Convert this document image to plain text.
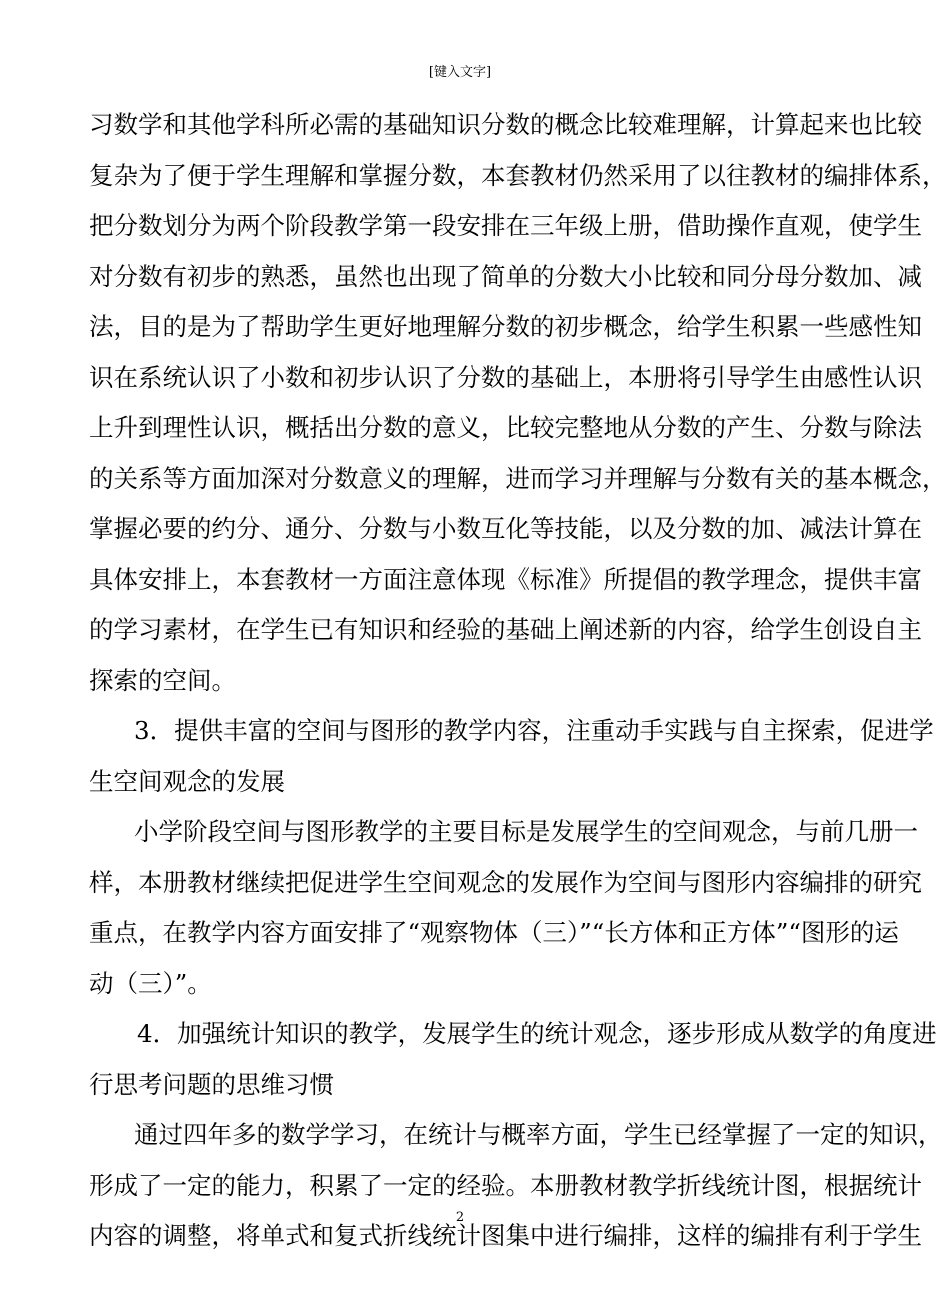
[键入文字]
习数学和其他学科所必需的基础知识分数的概念比较难理解，计算起来也比较
复杂为了便于学生理解和掌握分数，本套教材仍然采用了以往教材的编排体系，
把分数划分为两个阶段教学第一段安排在三年级上册，借助操作直观，使学生
对分数有初步的熟悉，虽然也出现了简单的分数大小比较和同分母分数加、减
法，目的是为了帮助学生更好地理解分数的初步概念，给学生积累一些感性知
识在系统认识了小数和初步认识了分数的基础上，本册将引导学生由感性认识
上升到理性认识，概括出分数的意义，比较完整地从分数的产生、分数与除法
的关系等方面加深对分数意义的理解，进而学习并理解与分数有关的基本概念，
掌握必要的约分、通分、分数与小数互化等技能，以及分数的加、减法计算在
具体安排上，本套教材一方面注意体现《标准》所提倡的教学理念，提供丰富
的学习素材，在学生已有知识和经验的基础上阐述新的内容，给学生创设自主
探索的空间。
3．提供丰富的空间与图形的教学内容，注重动手实践与自主探索，促进学
生空间观念的发展
小学阶段空间与图形教学的主要目标是发展学生的空间观念，与前几册一
样，本册教材继续把促进学生空间观念的发展作为空间与图形内容编排的研究
重点，在教学内容方面安排了“观察物体（三）”“长方体和正方体”“图形的运
动（三）”。
4．加强统计知识的教学，发展学生的统计观念，逐步形成从数学的角度进
行思考问题的思维习惯
通过四年多的数学学习，在统计与概率方面，学生已经掌握了一定的知识，
形成了一定的能力，积累了一定的经验。本册教材教学折线统计图，根据统计
内容的调整，将单式和复式折线统计图集中进行编排，这样的编排有利于学生
2
